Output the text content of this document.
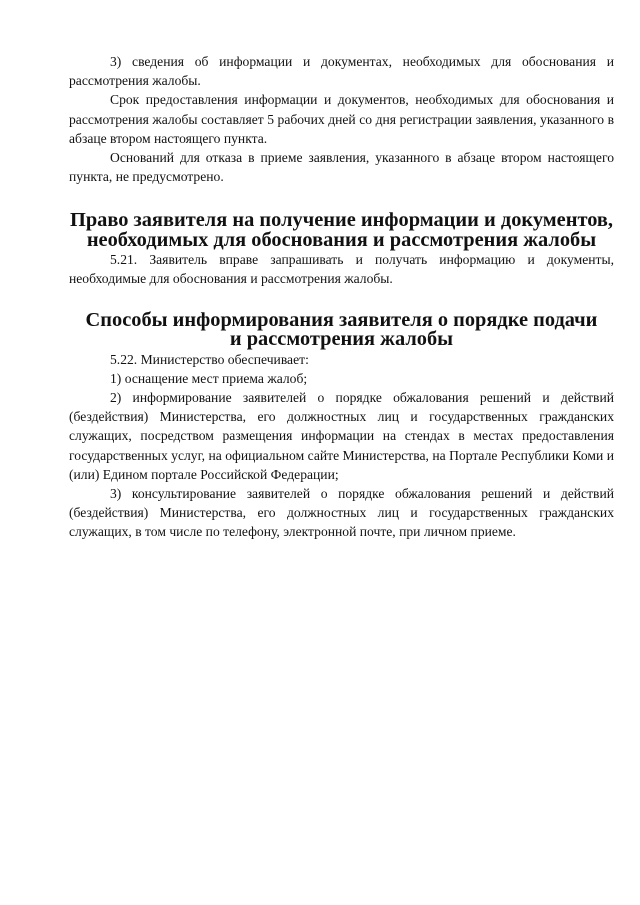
3) сведения об информации и документах, необходимых для обоснования и рассмотрения жалобы.

Срок предоставления информации и документов, необходимых для обоснования и рассмотрения жалобы составляет 5 рабочих дней со дня регистрации заявления, указанного в абзаце втором настоящего пункта.

Оснований для отказа в приеме заявления, указанного в абзаце втором настоящего пункта, не предусмотрено.

Право заявителя на получение информации и документов,
необходимых для обоснования и рассмотрения жалобы

5.21. Заявитель вправе запрашивать и получать информацию и документы, необходимые для обоснования и рассмотрения жалобы.

Способы информирования заявителя о порядке подачи
и рассмотрения жалобы

5.22. Министерство обеспечивает:

1) оснащение мест приема жалоб;

2) информирование заявителей о порядке обжалования решений и действий (бездействия) Министерства, его должностных лиц и государственных гражданских служащих, посредством размещения информации на стендах в местах предоставления государственных услуг, на официальном сайте Министерства, на Портале Республики Коми и (или) Едином портале Российской Федерации;

3) консультирование заявителей о порядке обжалования решений и действий (бездействия) Министерства, его должностных лиц и государственных гражданских служащих, в том числе по телефону, электронной почте, при личном приеме.
